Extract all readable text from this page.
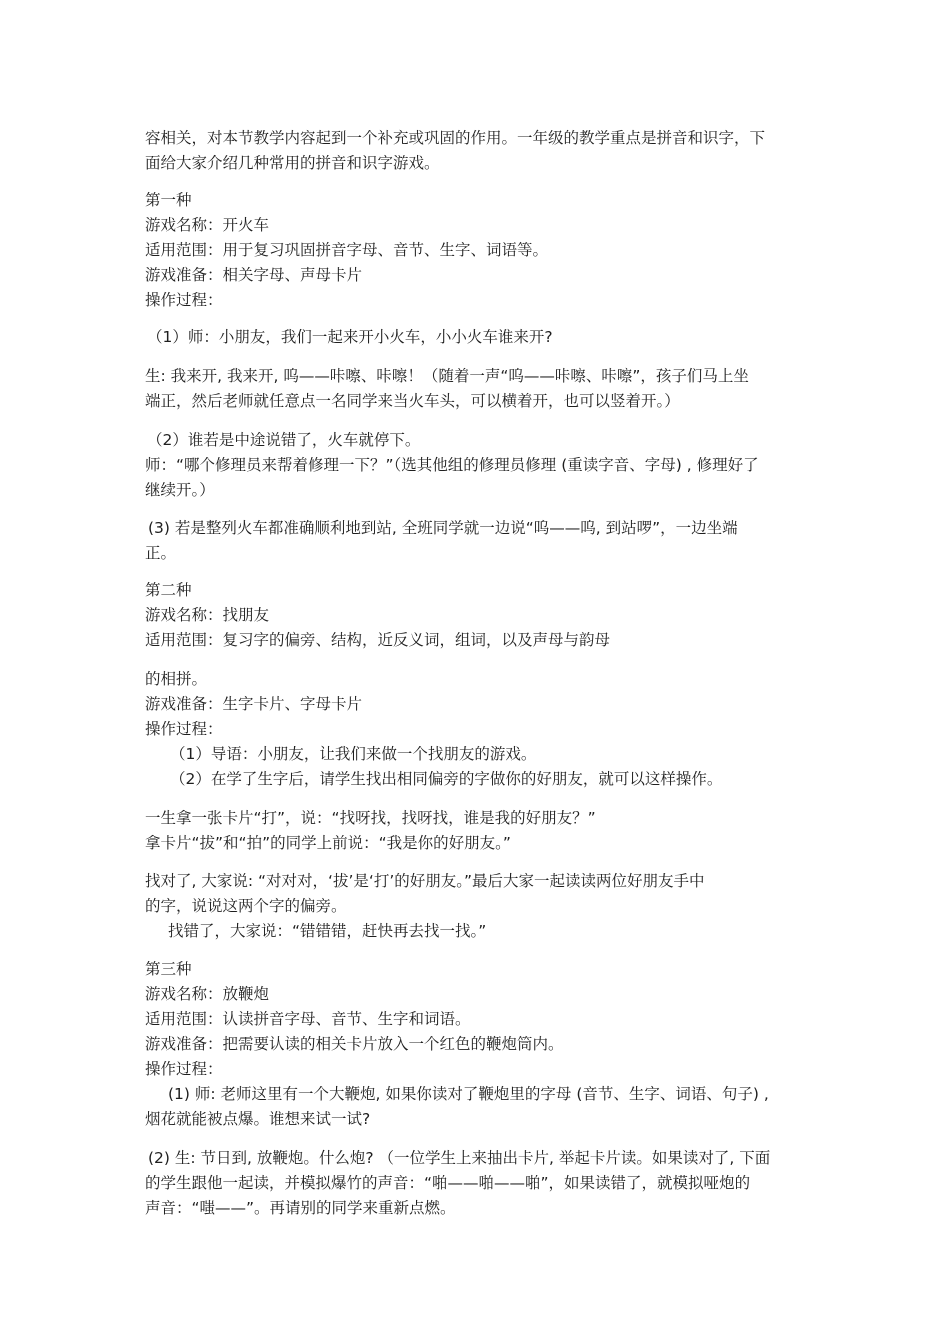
容相关，对本节教学内容起到一个补充或巩固的作用。一年级的教学重点是拼音和识字，下

面给大家介绍几种常用的拼音和识字游戏。

第一种

游戏名称：开火车

适用范围：用于复习巩固拼音字母、音节、生字、词语等。

游戏准备：相关字母、声母卡片

操作过程：

（1）师：小朋友，我们一起来开小火车，小小火车谁来开?

生: 我来开, 我来开, 呜——咔嚓、咔嚓！（随着一声“呜——咔嚓、咔嚓”，孩子们马上坐

端正，然后老师就任意点一名同学来当火车头，可以横着开，也可以竖着开。）

（2）谁若是中途说错了，火车就停下。

师：“哪个修理员来帮着修理一下？”（选其他组的修理员修理 (重读字音、字母) , 修理好了

继续开。）

(3) 若是整列火车都准确顺利地到站, 全班同学就一边说“呜——呜, 到站啰”，一边坐端

正。

第二种

游戏名称：找朋友

适用范围：复习字的偏旁、结构，近反义词，组词，以及声母与韵母

的相拼。

游戏准备：生字卡片、字母卡片

操作过程：

（1）导语：小朋友，让我们来做一个找朋友的游戏。

（2）在学了生字后，请学生找出相同偏旁的字做你的好朋友，就可以这样操作。

一生拿一张卡片“打”，说：“找呀找，找呀找，谁是我的好朋友？”

拿卡片“拔”和“拍”的同学上前说：“我是你的好朋友。”

找对了, 大家说: “对对对，‘拔’是‘打’的好朋友。”最后大家一起读读两位好朋友手中

的字，说说这两个字的偏旁。

找错了，大家说：“错错错，赶快再去找一找。”

第三种

游戏名称：放鞭炮

适用范围：认读拼音字母、音节、生字和词语。

游戏准备：把需要认读的相关卡片放入一个红色的鞭炮筒内。

操作过程：

(1) 师: 老师这里有一个大鞭炮, 如果你读对了鞭炮里的字母 (音节、生字、词语、句子) ,

烟花就能被点爆。谁想来试一试?

(2) 生: 节日到, 放鞭炮。什么炮? （一位学生上来抽出卡片, 举起卡片读。如果读对了, 下面

的学生跟他一起读，并模拟爆竹的声音：“啪——啪——啪”，如果读错了，就模拟哑炮的

声音：“嗤——”。再请别的同学来重新点燃。
